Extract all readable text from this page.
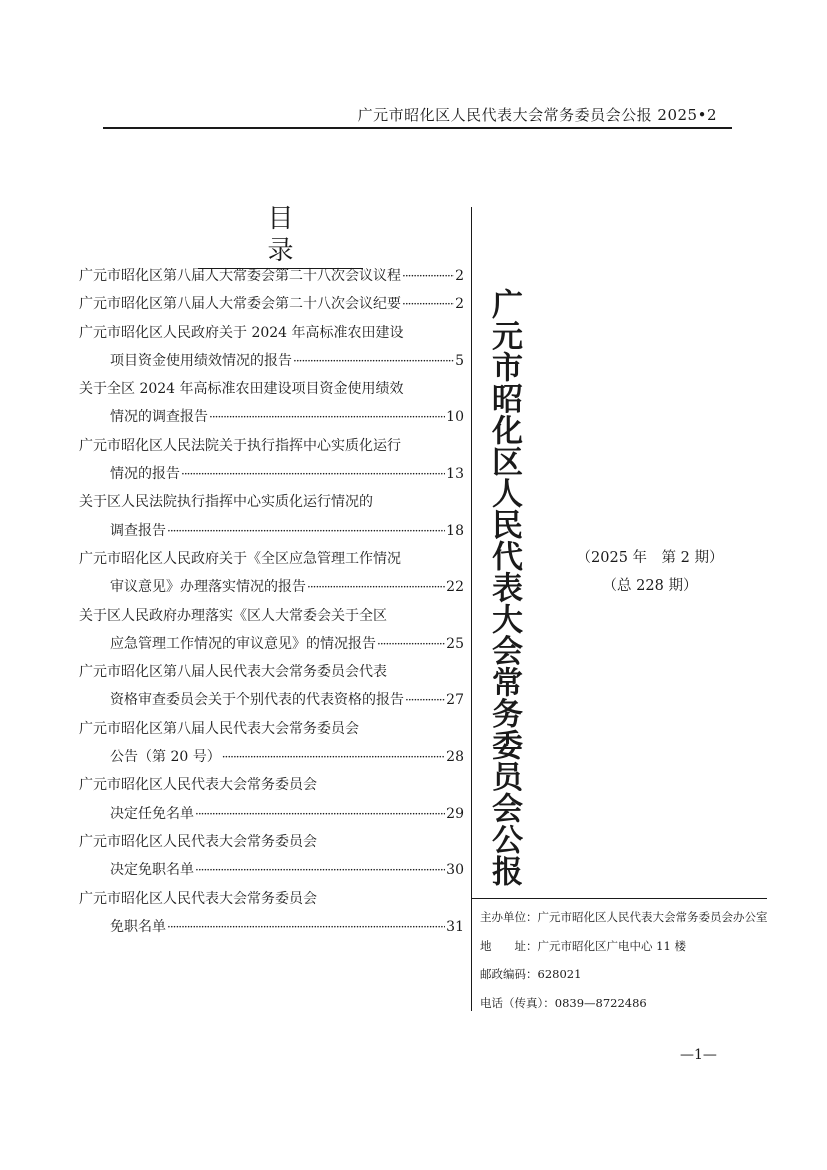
广元市昭化区人民代表大会常务委员会公报 2025•2
目录
广元市昭化区第八届人大常委会第二十八次会议议程 ·····	2
广元市昭化区第八届人大常委会第二十八次会议纪要 ·····	2
广元市昭化区人民政府关于 2024 年高标准农田建设
项目资金使用绩效情况的报告 ·····	5
关于全区 2024 年高标准农田建设项目资金使用绩效
情况的调查报告 ·····	10
广元市昭化区人民法院关于执行指挥中心实质化运行
情况的报告 ·····	13
关于区人民法院执行指挥中心实质化运行情况的
调查报告 ·····	18
广元市昭化区人民政府关于《全区应急管理工作情况
审议意见》办理落实情况的报告 ·····	22
关于区人民政府办理落实《区人大常委会关于全区
应急管理工作情况的审议意见》的情况报告 ·····	25
广元市昭化区第八届人民代表大会常务委员会代表
资格审查委员会关于个别代表的代表资格的报告 ·····	27
广元市昭化区第八届人民代表大会常务委员会
公告（第 20 号） ·····	28
广元市昭化区人民代表大会常务委员会
决定任免名单 ·····	29
广元市昭化区人民代表大会常务委员会
决定免职名单 ·····	30
广元市昭化区人民代表大会常务委员会
免职名单 ·····	31
广元市昭化区人民代表大会常务委员会公报	（2025 年　第 2 期）
（总 228 期）
主办单位：广元市昭化区人民代表大会常务委员会办公室
地　　址：广元市昭化区广电中心 11 楼
邮政编码：628021
电话（传真）：0839—8722486
—1—
